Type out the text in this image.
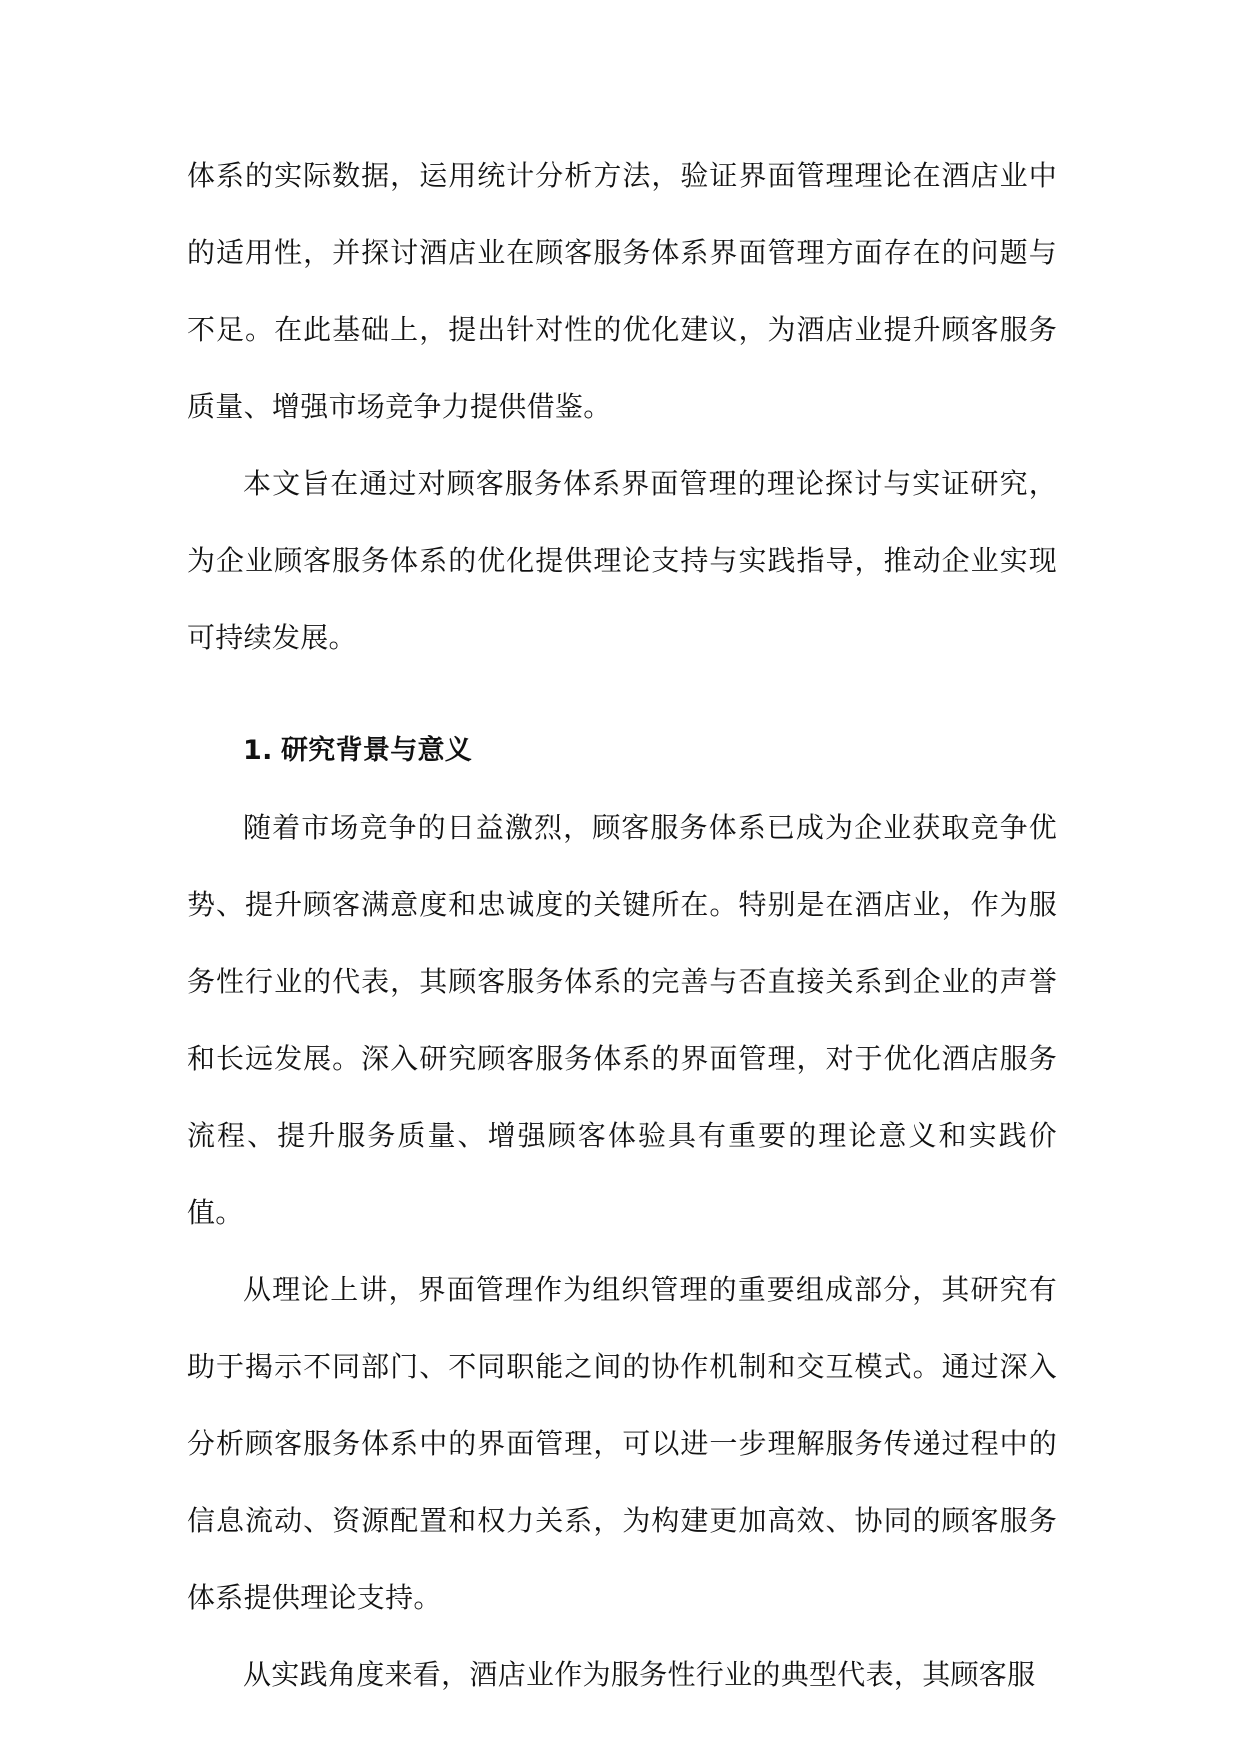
体系的实际数据，运用统计分析方法，验证界面管理理论在酒店业中的适用性，并探讨酒店业在顾客服务体系界面管理方面存在的问题与不足。在此基础上，提出针对性的优化建议，为酒店业提升顾客服务质量、增强市场竞争力提供借鉴。

本文旨在通过对顾客服务体系界面管理的理论探讨与实证研究，为企业顾客服务体系的优化提供理论支持与实践指导，推动企业实现可持续发展。

1. 研究背景与意义

随着市场竞争的日益激烈，顾客服务体系已成为企业获取竞争优势、提升顾客满意度和忠诚度的关键所在。特别是在酒店业，作为服务性行业的代表，其顾客服务体系的完善与否直接关系到企业的声誉和长远发展。深入研究顾客服务体系的界面管理，对于优化酒店服务流程、提升服务质量、增强顾客体验具有重要的理论意义和实践价值。

从理论上讲，界面管理作为组织管理的重要组成部分，其研究有助于揭示不同部门、不同职能之间的协作机制和交互模式。通过深入分析顾客服务体系中的界面管理，可以进一步理解服务传递过程中的信息流动、资源配置和权力关系，为构建更加高效、协同的顾客服务体系提供理论支持。

从实践角度来看，酒店业作为服务性行业的典型代表，其顾客服
